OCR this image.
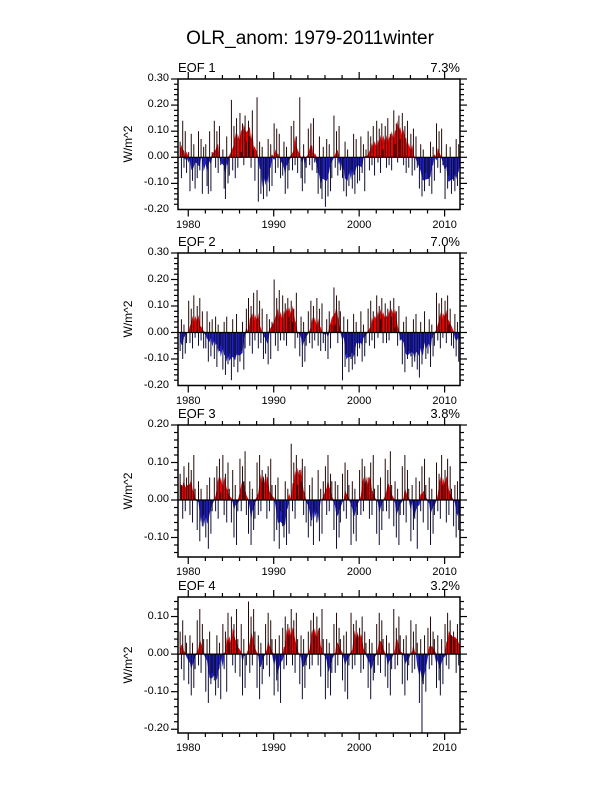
OLR_anom: 1979-2011winter
EOF 1	7.3%
EOF 2	7.0%
EOF 3	3.8%
EOF 4	3.2%
W/m^2
W/m^2
W/m^2
W/m^2
0.30
0.20
0.10
0.00
-0.10
-0.20
1980	1990	2000	2010
0.30
0.20
0.10
0.00
-0.10
-0.20
1980	1990	2000	2010
0.20
0.10
0.00
-0.10
1980	1990	2000	2010
0.10
0.00
-0.10
-0.20
1980	1990	2000	2010
